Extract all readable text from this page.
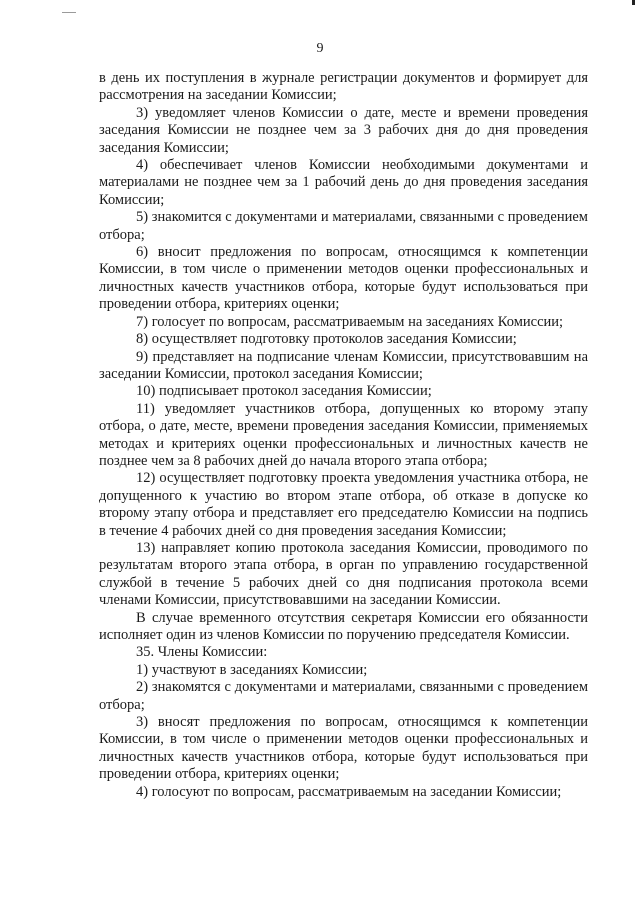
9

в день их поступления в журнале регистрации документов и формирует для рассмотрения на заседании Комиссии;

3) уведомляет членов Комиссии о дате, месте и времени проведения заседания Комиссии не позднее чем за 3 рабочих дня до дня проведения заседания Комиссии;

4) обеспечивает членов Комиссии необходимыми документами и материалами не позднее чем за 1 рабочий день до дня проведения заседания Комиссии;

5) знакомится с документами и материалами, связанными с проведением отбора;

6) вносит предложения по вопросам, относящимся к компетенции Комиссии, в том числе о применении методов оценки профессиональных и личностных качеств участников отбора, которые будут использоваться при проведении отбора, критериях оценки;

7) голосует по вопросам, рассматриваемым на заседаниях Комиссии;

8) осуществляет подготовку протоколов заседания Комиссии;

9) представляет на подписание членам Комиссии, присутствовавшим на заседании Комиссии, протокол заседания Комиссии;

10) подписывает протокол заседания Комиссии;

11) уведомляет участников отбора, допущенных ко второму этапу отбора, о дате, месте, времени проведения заседания Комиссии, применяемых методах и критериях оценки профессиональных и личностных качеств не позднее чем за 8 рабочих дней до начала второго этапа отбора;

12) осуществляет подготовку проекта уведомления участника отбора, не допущенного к участию во втором этапе отбора, об отказе в допуске ко второму этапу отбора и представляет его председателю Комиссии на подпись в течение 4 рабочих дней со дня проведения заседания Комиссии;

13) направляет копию протокола заседания Комиссии, проводимого по результатам второго этапа отбора, в орган по управлению государственной службой в течение 5 рабочих дней со дня подписания протокола всеми членами Комиссии, присутствовавшими на заседании Комиссии.

В случае временного отсутствия секретаря Комиссии его обязанности исполняет один из членов Комиссии по поручению председателя Комиссии.

35. Члены Комиссии:

1) участвуют в заседаниях Комиссии;

2) знакомятся с документами и материалами, связанными с проведением отбора;

3) вносят предложения по вопросам, относящимся к компетенции Комиссии, в том числе о применении методов оценки профессиональных и личностных качеств участников отбора, которые будут использоваться при проведении отбора, критериях оценки;

4) голосуют по вопросам, рассматриваемым на заседании Комиссии;
